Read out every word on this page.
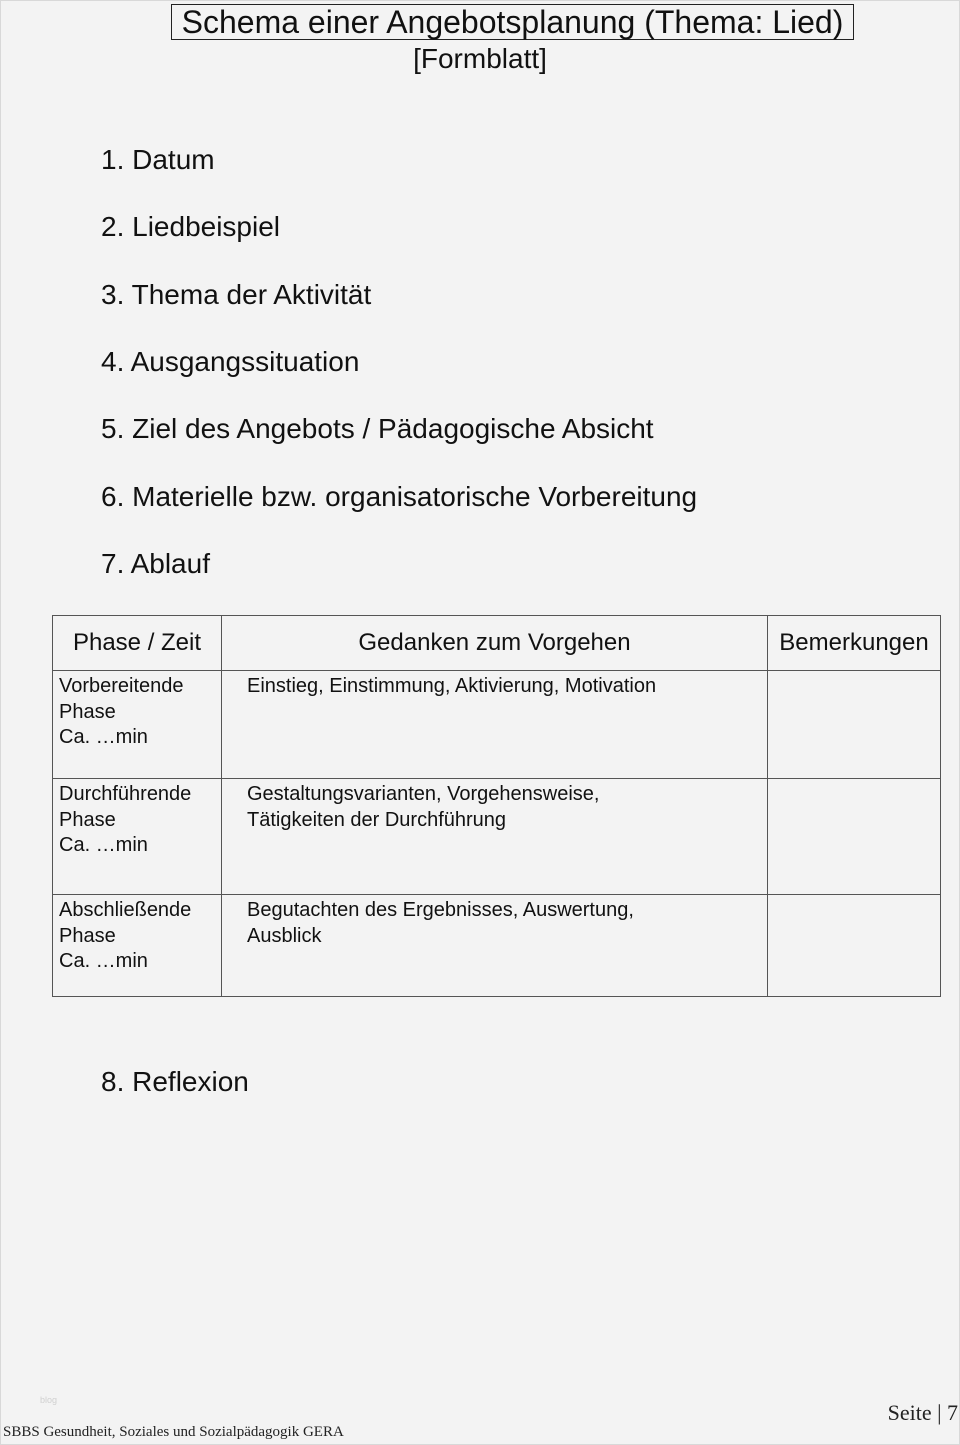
Schema einer Angebotsplanung (Thema: Lied)
[Formblatt]
1. Datum
2. Liedbeispiel
3. Thema der Aktivität
4. Ausgangssituation
5. Ziel des Angebots / Pädagogische Absicht
6. Materielle bzw. organisatorische Vorbereitung
7. Ablauf
Phase / Zeit	Gedanken zum Vorgehen	Bemerkungen

Vorbereitende
Phase
Ca. …min	Einstieg, Einstimmung, Aktivierung, Motivation	

Durchführende
Phase
Ca. …min	Gestaltungsvarianten, Vorgehensweise,
Tätigkeiten der Durchführung	

Abschließende
Phase
Ca. …min	Begutachten des Ergebnisses, Auswertung,
Ausblick	

8. Reflexion
blog
SBBS Gesundheit, Soziales und Sozialpädagogik GERA
Seite | 7
